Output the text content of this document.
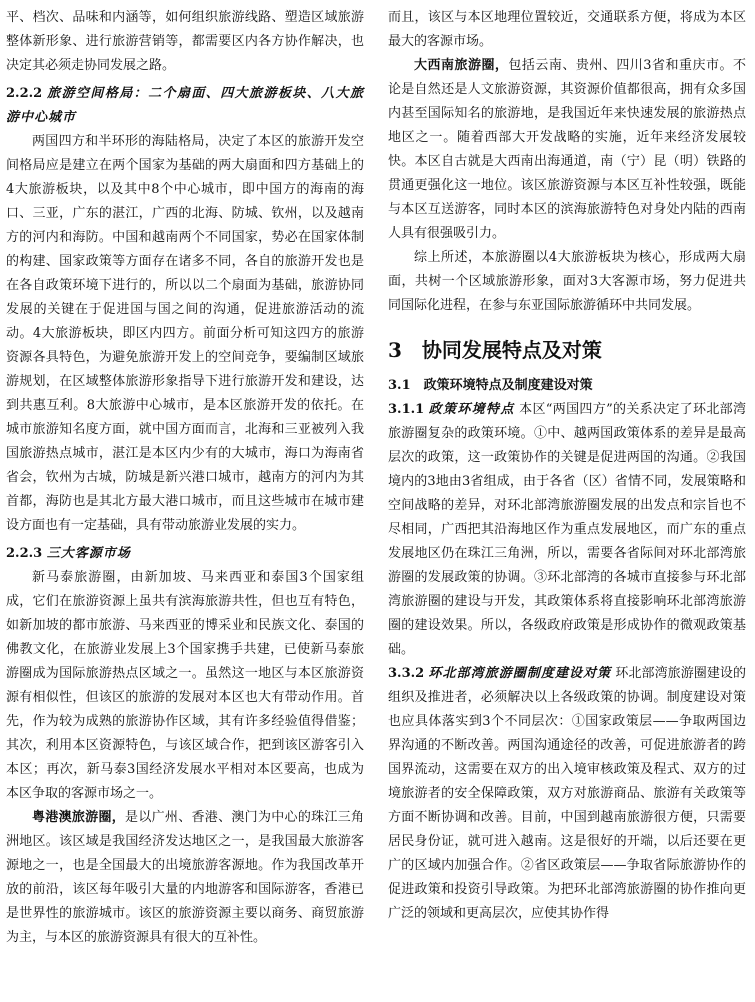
平、档次、品味和内涵等，如何组织旅游线路、塑造区域旅游整体新形象、进行旅游营销等，都需要区内各方协作解决，也决定其必须走协同发展之路。

2.2.2 旅游空间格局：二个扇面、四大旅游板块、八大旅游中心城市

两国四方和半环形的海陆格局，决定了本区的旅游开发空间格局应是建立在两个国家为基础的两大扇面和四方基础上的4大旅游板块，以及其中8个中心城市，即中国方的海南的海口、三亚，广东的湛江，广西的北海、防城、钦州，以及越南方的河内和海防。中国和越南两个不同国家，势必在国家体制的构建、国家政策等方面存在诸多不同，各自的旅游开发也是在各自政策环境下进行的，所以以二个扇面为基础，旅游协同发展的关键在于促进国与国之间的沟通，促进旅游活动的流动。4大旅游板块，即区内四方。前面分析可知这四方的旅游资源各具特色，为避免旅游开发上的空间竞争，要编制区域旅游规划，在区域整体旅游形象指导下进行旅游开发和建设，达到共惠互利。8大旅游中心城市，是本区旅游开发的依托。在城市旅游知名度方面，就中国方面而言，北海和三亚被列入我国旅游热点城市，湛江是本区内少有的大城市，海口为海南省省会，钦州为古城，防城是新兴港口城市，越南方的河内为其首都，海防也是其北方最大港口城市，而且这些城市在城市建设方面也有一定基础，具有带动旅游业发展的实力。

2.2.3 三大客源市场

新马泰旅游圈，由新加坡、马来西亚和泰国3个国家组成，它们在旅游资源上虽共有滨海旅游共性，但也互有特色，如新加坡的都市旅游、马来西亚的博采业和民族文化、泰国的佛教文化，在旅游业发展上3个国家携手共建，已使新马泰旅游圈成为国际旅游热点区域之一。虽然这一地区与本区旅游资源有相似性，但该区的旅游的发展对本区也大有带动作用。首先，作为较为成熟的旅游协作区域，其有许多经验值得借鉴；其次，利用本区资源特色，与该区域合作，把到该区游客引入本区；再次，新马泰3国经济发展水平相对本区要高，也成为本区争取的客源市场之一。

粤港澳旅游圈，是以广州、香港、澳门为中心的珠江三角洲地区。该区域是我国经济发达地区之一，是我国最大旅游客源地之一，也是全国最大的出境旅游客源地。作为我国改革开放的前沿，该区每年吸引大量的内地游客和国际游客，香港已是世界性的旅游城市。该区的旅游资源主要以商务、商贸旅游为主，与本区的旅游资源具有很大的互补性。

而且，该区与本区地理位置较近，交通联系方便，将成为本区最大的客源市场。

大西南旅游圈，包括云南、贵州、四川3省和重庆市。不论是自然还是人文旅游资源，其资源价值都很高，拥有众多国内甚至国际知名的旅游地，是我国近年来快速发展的旅游热点地区之一。随着西部大开发战略的实施，近年来经济发展较快。本区自古就是大西南出海通道，南（宁）昆（明）铁路的贯通更强化这一地位。该区旅游资源与本区互补性较强，既能与本区互送游客，同时本区的滨海旅游特色对身处内陆的西南人具有很强吸引力。

综上所述，本旅游圈以4大旅游板块为核心，形成两大扇面，共树一个区域旅游形象，面对3大客源市场，努力促进共同国际化进程，在参与东亚国际旅游循环中共同发展。

3　协同发展特点及对策

3.1　政策环境特点及制度建设对策

3.1.1 政策环境特点 本区“两国四方”的关系决定了环北部湾旅游圈复杂的政策环境。①中、越两国政策体系的差异是最高层次的政策，这一政策协作的关键是促进两国的沟通。②我国境内的3地由3省组成，由于各省（区）省情不同，发展策略和空间战略的差异，对环北部湾旅游圈发展的出发点和宗旨也不尽相同，广西把其沿海地区作为重点发展地区，而广东的重点发展地区仍在珠江三角洲，所以，需要各省际间对环北部湾旅游圈的发展政策的协调。③环北部湾的各城市直接参与环北部湾旅游圈的建设与开发，其政策体系将直接影响环北部湾旅游圈的建设效果。所以，各级政府政策是形成协作的微观政策基础。

3.3.2 环北部湾旅游圈制度建设对策 环北部湾旅游圈建设的组织及推进者，必须解决以上各级政策的协调。制度建设对策也应具体落实到3个不同层次：①国家政策层——争取两国边界沟通的不断改善。两国沟通途径的改善，可促进旅游者的跨国界流动，这需要在双方的出入境审核政策及程式、双方的过境旅游者的安全保障政策，双方对旅游商品、旅游有关政策等方面不断协调和改善。目前，中国到越南旅游很方便，只需要居民身份证，就可进入越南。这是很好的开端，以后还要在更广的区域内加强合作。②省区政策层——争取省际旅游协作的促进政策和投资引导政策。为把环北部湾旅游圈的协作推向更广泛的领域和更高层次，应使其协作得
